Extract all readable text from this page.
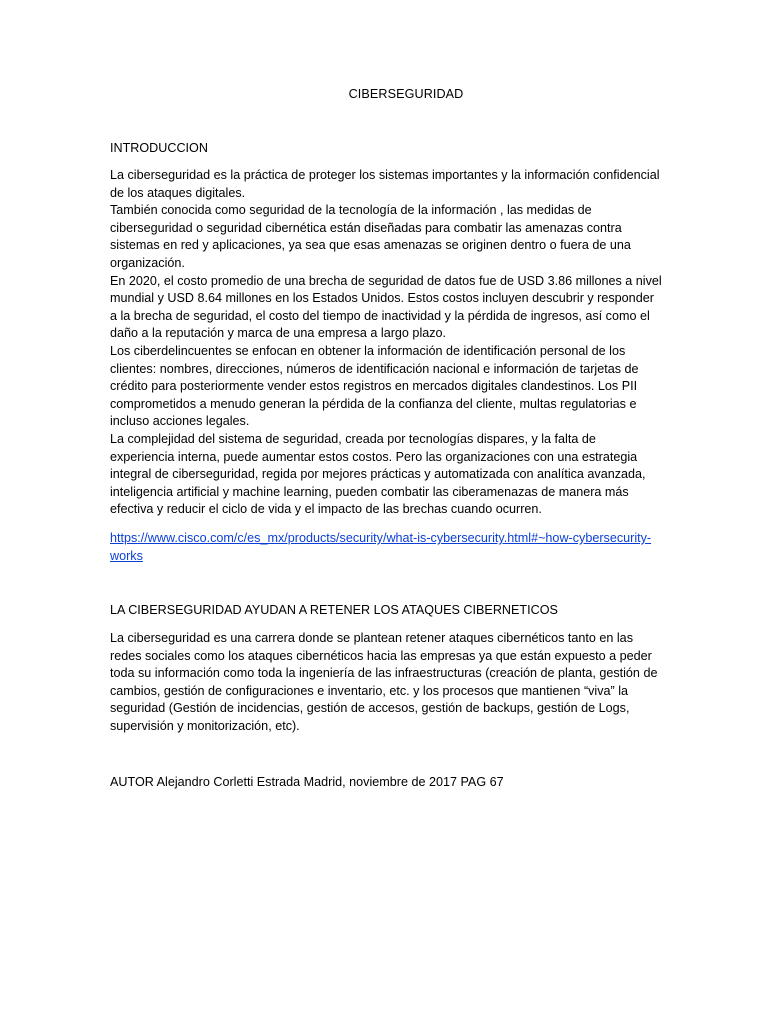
CIBERSEGURIDAD
INTRODUCCION

La ciberseguridad es la práctica de proteger los sistemas importantes y la información confidencial de los ataques digitales.

También conocida como seguridad de la tecnología de la información , las medidas de ciberseguridad o seguridad cibernética están diseñadas para combatir las amenazas contra sistemas en red y aplicaciones, ya sea que esas amenazas se originen dentro o fuera de una organización.

En 2020, el costo promedio de una brecha de seguridad de datos fue de USD 3.86 millones a nivel mundial y USD 8.64 millones en los Estados Unidos. Estos costos incluyen descubrir y responder a la brecha de seguridad, el costo del tiempo de inactividad y la pérdida de ingresos, así como el daño a la reputación y marca de una empresa a largo plazo.

Los ciberdelincuentes se enfocan en obtener la información de identificación personal de los clientes: nombres, direcciones, números de identificación nacional e información de tarjetas de crédito para posteriormente vender estos registros en mercados digitales clandestinos. Los PII comprometidos a menudo generan la pérdida de la confianza del cliente, multas regulatorias e incluso acciones legales.

La complejidad del sistema de seguridad, creada por tecnologías dispares, y la falta de experiencia interna, puede aumentar estos costos. Pero las organizaciones con una estrategia integral de ciberseguridad, regida por mejores prácticas y automatizada con analítica avanzada, inteligencia artificial y machine learning, pueden combatir las ciberamenazas de manera más efectiva y reducir el ciclo de vida y el impacto de las brechas cuando ocurren.

https://www.cisco.com/c/es_mx/products/security/what-is-cybersecurity.html#~how-cybersecurity-works
LA CIBERSEGURIDAD AYUDAN A RETENER LOS ATAQUES CIBERNETICOS

La ciberseguridad es una carrera donde se plantean retener ataques cibernéticos tanto en las redes sociales como los ataques cibernéticos hacia las empresas ya que están expuesto a peder toda su información como toda la ingeniería de las infraestructuras (creación de planta, gestión de cambios, gestión de configuraciones e inventario, etc. y los procesos que mantienen “viva” la seguridad (Gestión de incidencias, gestión de accesos, gestión de backups, gestión de Logs, supervisión y monitorización, etc).

AUTOR Alejandro Corletti Estrada Madrid, noviembre de 2017 PAG 67
